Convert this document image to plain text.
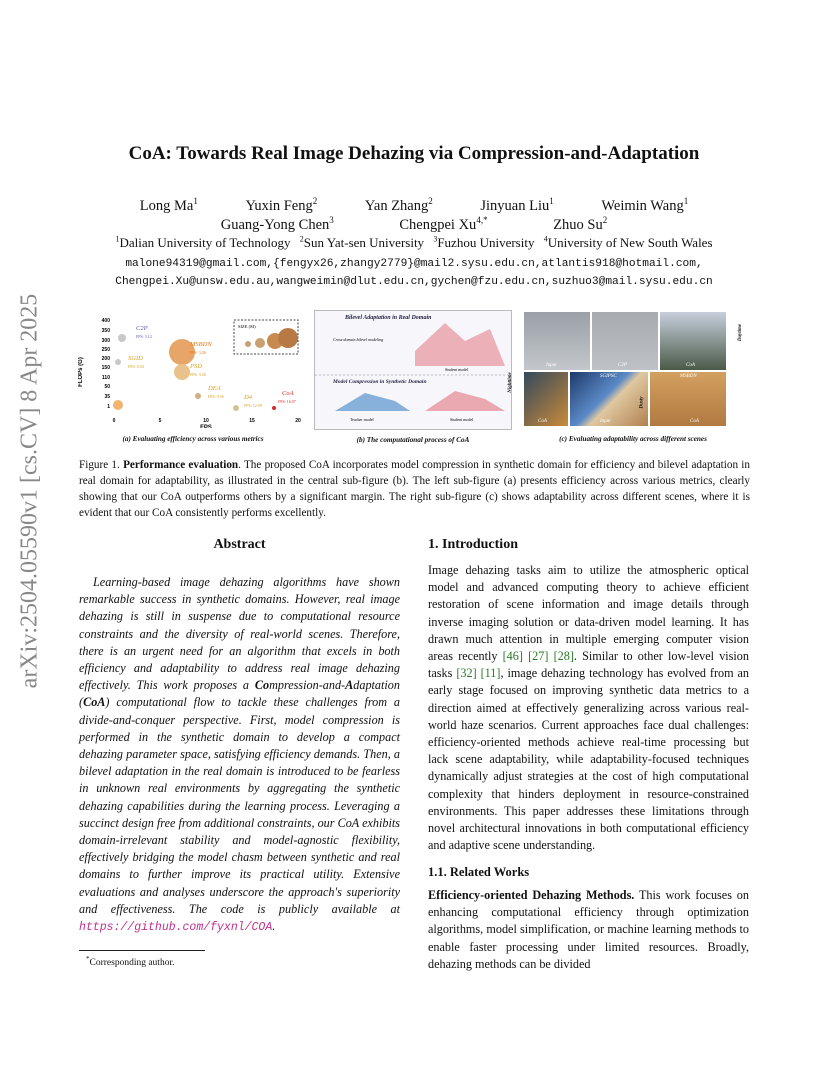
CoA: Towards Real Image Dehazing via Compression-and-Adaptation
Long Ma$^1$	Yuxin Feng$^2$	Yan Zhang$^2$	Jinyuan Liu$^1$	Weimin Wang$^1$
Guang-Yong Chen$^3$	Chengpei $Xu^{4,*}$	Zhuo Su$^2$
$^1$Dalian University of Technology $^2$Sun Yat-sen University $^3$Fuzhou University $^4$University of New South Wales
malone94319@gmail.com,{fengyx26,zhangy2779}@mail2.sysu.edu.cn,atlantis918@hotmail.com,
Chengpei.Xu@unsw.edu.au,wangweimin@dlut.edu.cn,gychen@fzu.edu.cn,suzhuo3@mail.sysu.edu.cn
arXiv:2504.05590v1 [cs.CV] 8 Apr 2025	FLOPs (G)
400
350
300
250
200
150
110
50
35
1
0	5	10	15	20
FPS
C2P
FPS: 3.12
SGID
FPS: 0.04
MSBDN
FPS: 3.26
PSD
FPS: 3.26
DEA
FPS: 9.56	D4
FPS: 12.99
CoA
FPS: 16.07
SIZE (M)
(a) Evaluating efficiency across various metrics
Bilevel Adaptation in Real Domain
Cross-domain bilevel modeling
Student model
Model Compression in Synthetic Domain
Teacher model	Student model
(b) The computational process of CoA
Input	C2P	CoA
Daytime
CoA
SGIPSC
Input
MSBDN
CoA
Nighttime
Dusty
(c) Evaluating adaptability across different scenes
Figure 1. Performance evaluation. The proposed CoA incorporates model compression in synthetic domain for efficiency and bilevel adaptation in real domain for adaptability, as illustrated in the central sub-figure (b). The left sub-figure (a) presents efficiency across various metrics, clearly showing that our CoA outperforms others by a significant margin. The right sub-figure (c) shows adaptability across different scenes, where it is evident that our CoA consistently performs excellently.
Abstract
Learning-based image dehazing algorithms have shown remarkable success in synthetic domains. However, real image dehazing is still in suspense due to computational resource constraints and the diversity of real-world scenes. Therefore, there is an urgent need for an algorithm that excels in both efficiency and adaptability to address real image dehazing effectively. This work proposes a Compression-and-Adaptation (CoA) computational flow to tackle these challenges from a divide-and-conquer perspective. First, model compression is performed in the synthetic domain to develop a compact dehazing parameter space, satisfying efficiency demands. Then, a bilevel adaptation in the real domain is introduced to be fearless in unknown real environments by aggregating the synthetic dehazing capabilities during the learning process. Leveraging a succinct design free from additional constraints, our CoA exhibits domain-irrelevant stability and model-agnostic flexibility, effectively bridging the model chasm between synthetic and real domains to further improve its practical utility. Extensive evaluations and analyses underscore the approach's superiority and effectiveness. The code is publicly available at https://github.com/fyxnl/COA.
1. Introduction
Image dehazing tasks aim to utilize the atmospheric optical model and advanced computing theory to achieve efficient restoration of scene information and image details through inverse imaging solution or data-driven model learning. It has drawn much attention in multiple emerging computer vision areas recently [46] [27] [28]. Similar to other low-level vision tasks [32] [11], image dehazing technology has evolved from an early stage focused on improving synthetic data metrics to a direction aimed at effectively generalizing across various real-world haze scenarios. Current approaches face dual challenges: efficiency-oriented methods achieve real-time processing but lack scene adaptability, while adaptability-focused techniques dynamically adjust strategies at the cost of high computational complexity that hinders deployment in resource-constrained environments. This paper addresses these limitations through novel architectural innovations in both computational efficiency and adaptive scene understanding.
1.1. Related Works
Efficiency-oriented Dehazing Methods. This work focuses on enhancing computational efficiency through optimization algorithms, model simplification, or machine learning methods to enable faster processing under limited resources. Broadly, dehazing methods can be divided
*Corresponding author.
